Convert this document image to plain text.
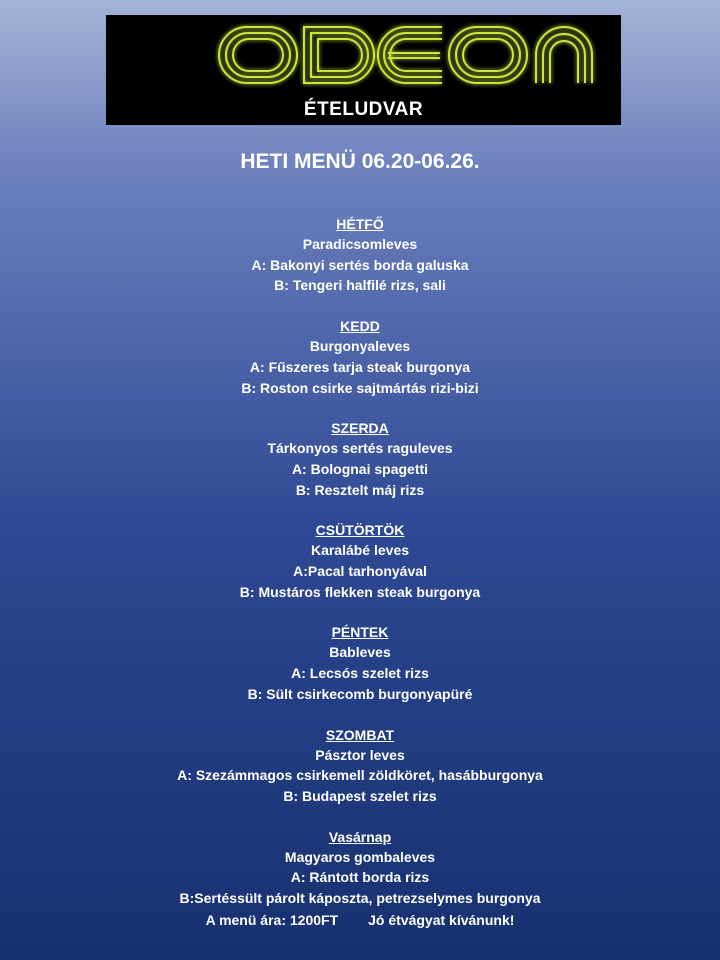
ÉTELUDVAR
HETI MENÜ 06.20-06.26.
HÉTFŐ
Paradicsomleves
A: Bakonyi sertés borda galuska
B: Tengeri halfilé rizs, sali
KEDD
Burgonyaleves
A: Fűszeres tarja steak burgonya
B: Roston csirke sajtmártás rizi-bizi
SZERDA
Tárkonyos sertés raguleves
A: Bolognai spagetti
B: Resztelt máj rizs
CSÜTÖRTÖK
Karalábé leves
A:Pacal tarhonyával
B: Mustáros flekken steak burgonya
PÉNTEK
Bableves
A: Lecsós szelet rizs
B: Sült csirkecomb burgonyapüré
SZOMBAT
Pásztor leves
A: Szezámmagos csirkemell zöldköret, hasábburgonya
B: Budapest szelet rizs
Vasárnap
Magyaros gombaleves
A: Rántott borda rizs
B:Sertéssült párolt káposzta, petrezselymes burgonya
A menü ára: 1200FT Jó étvágyat kívánunk!
